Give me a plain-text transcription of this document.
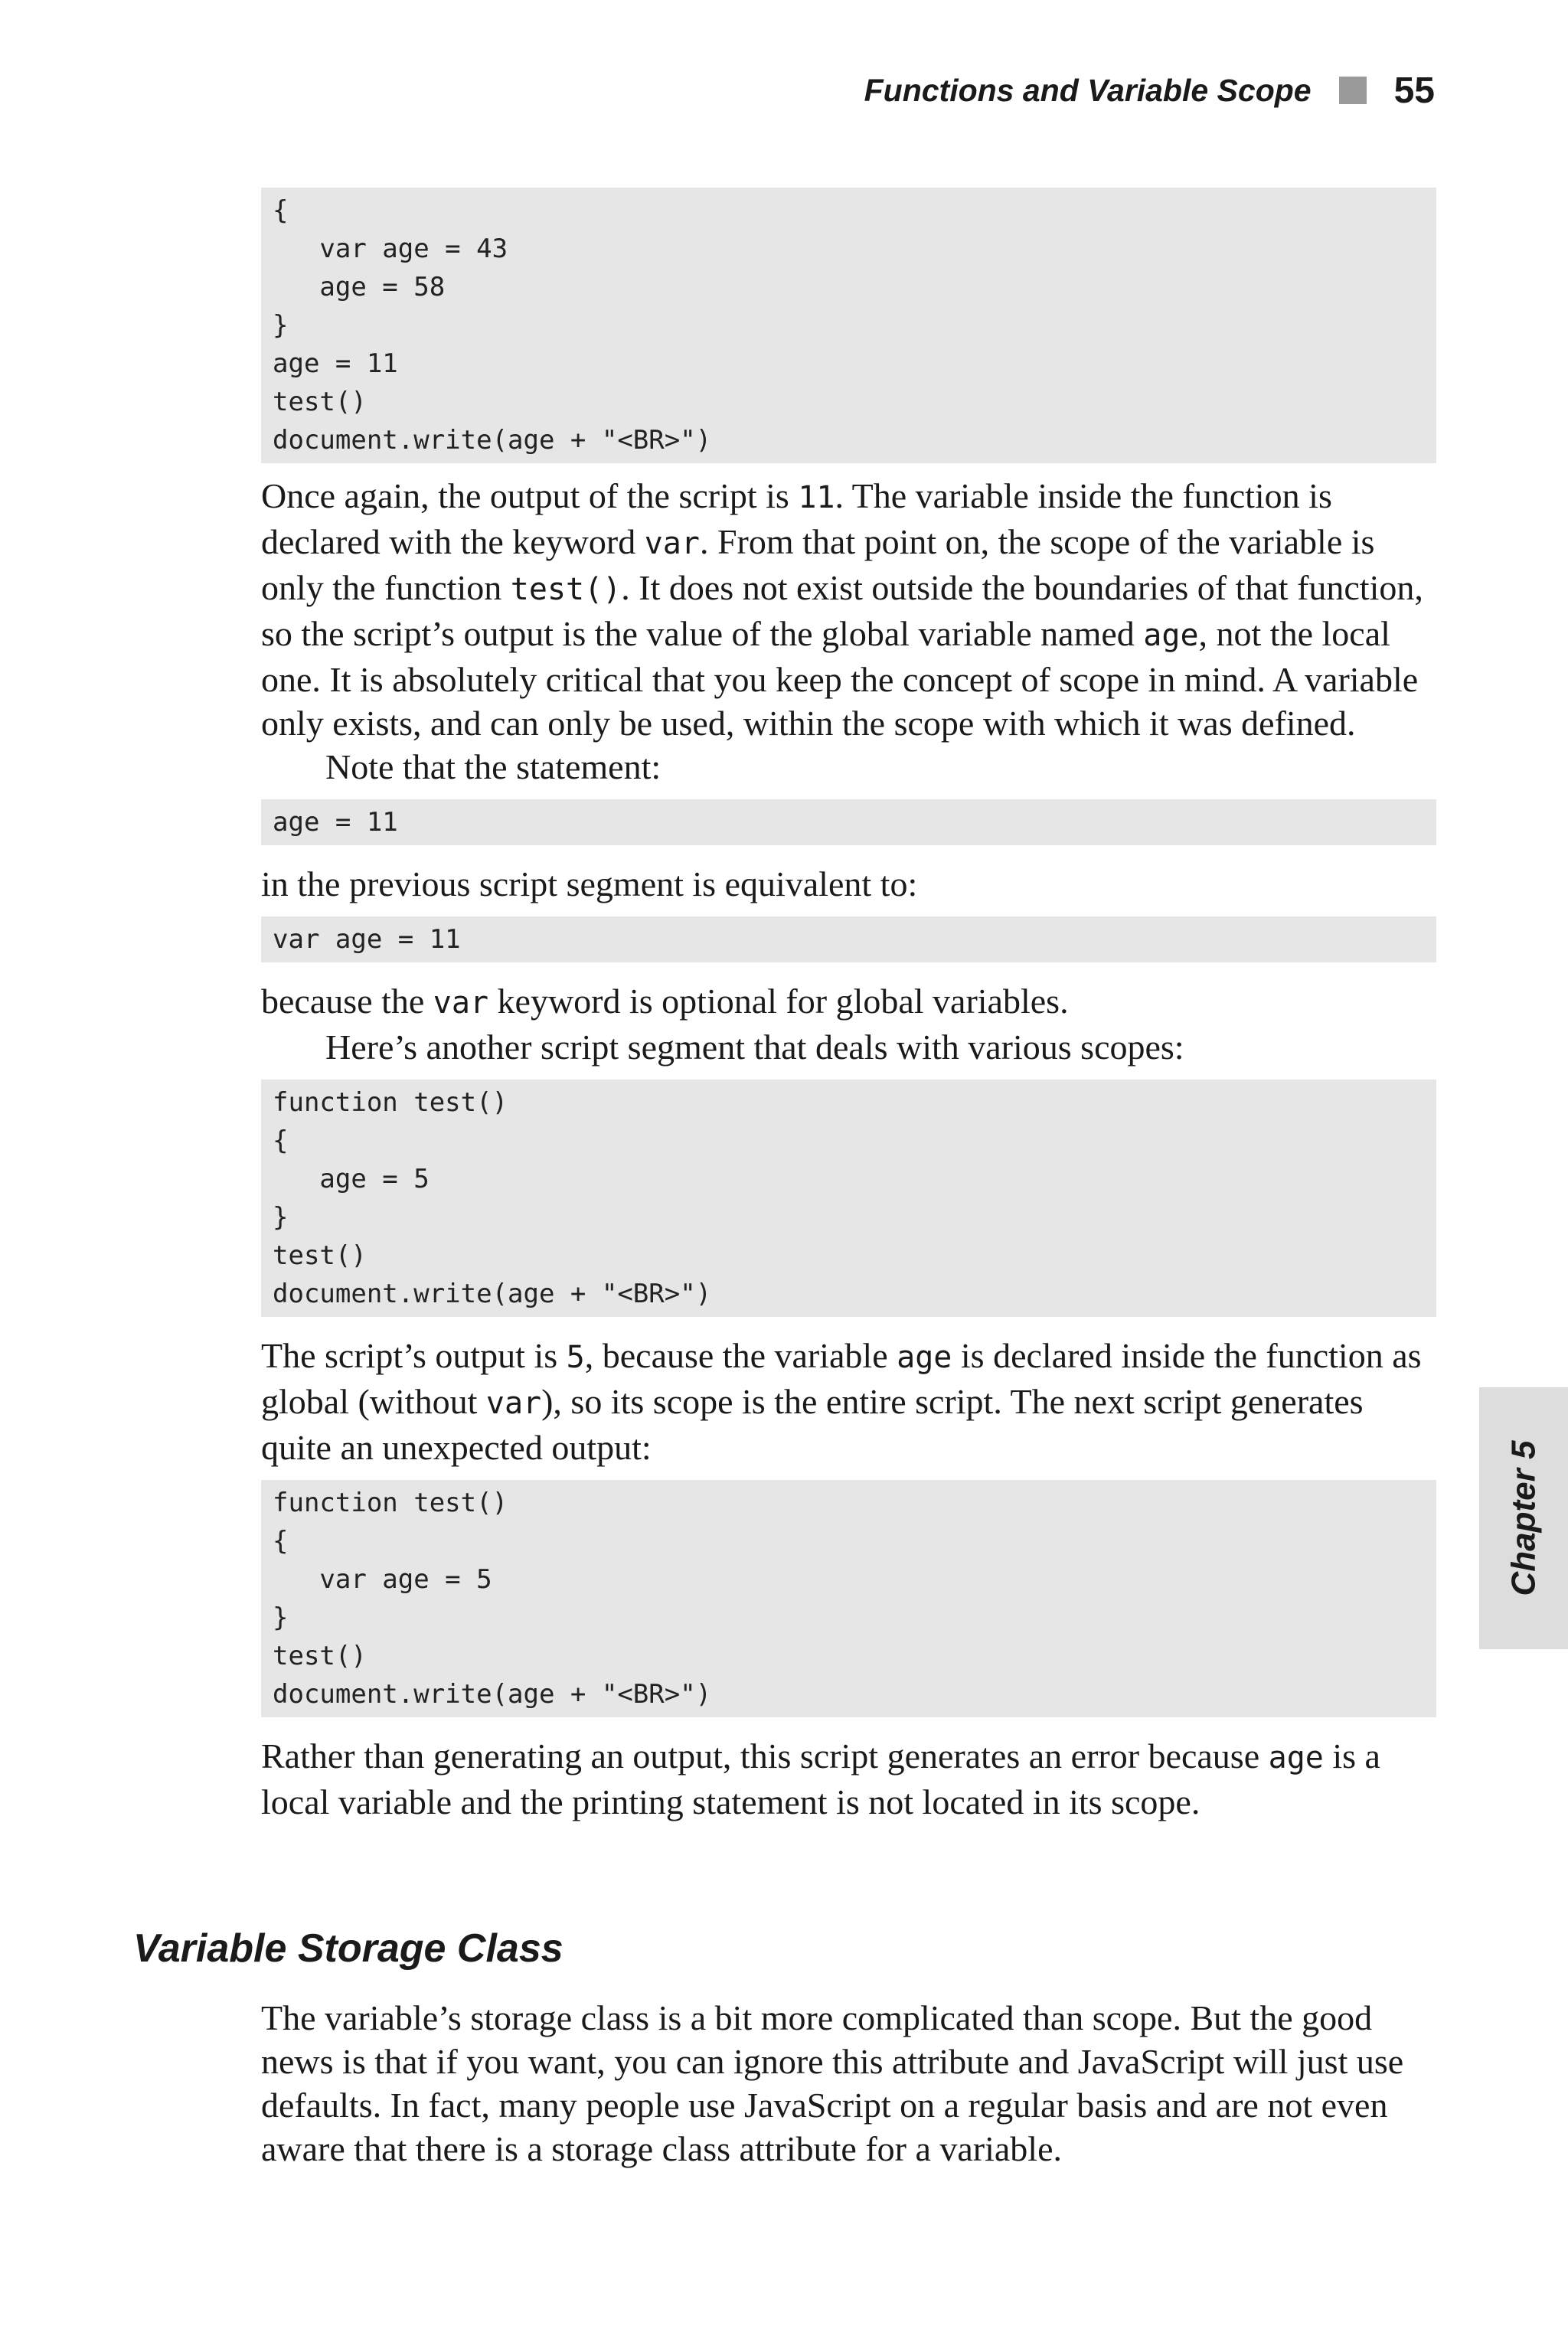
Functions and Variable Scope 55
{
var age = 43
age = 58
}
age = 11
test()
document.write(age + "<BR>")

Once again, the output of the script is 11. The variable inside the function is declared with the keyword var. From that point on, the scope of the variable is only the function test(). It does not exist outside the boundaries of that function, so the script’s output is the value of the global variable named age, not the local one. It is absolutely critical that you keep the concept of scope in mind. A variable only exists, and can only be used, within the scope with which it was defined.

Note that the statement:

age = 11

in the previous script segment is equivalent to:

var age = 11

because the var keyword is optional for global variables.

Here’s another script segment that deals with various scopes:

function test()
{
age = 5
}
test()
document.write(age + "<BR>")

The script’s output is 5, because the variable age is declared inside the function as global (without var), so its scope is the entire script. The next script generates quite an unexpected output:

function test()
{
var age = 5
}
test()
document.write(age + "<BR>")

Rather than generating an output, this script generates an error because age is a local variable and the printing statement is not located in its scope.

Variable Storage Class

The variable’s storage class is a bit more complicated than scope. But the good news is that if you want, you can ignore this attribute and JavaScript will just use defaults. In fact, many people use JavaScript on a regular basis and are not even aware that there is a storage class attribute for a variable.

Chapter 5
